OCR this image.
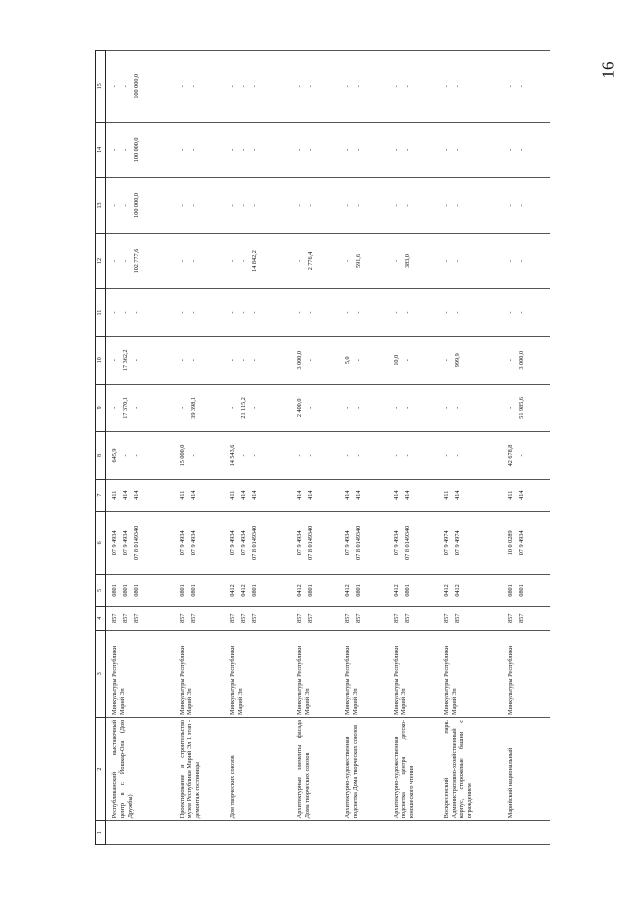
16
1	2	3	4	5	6	7	8	9	10	11	12	13	14	15
	Республиканский выставочный центр в г. Йошкар-Ола (Дом Дружбы)	Минкультуры Республики Марий Эл	857 857 857	0801 0801 0801	07 9 4934 07 9 4934 07 8 0149340	411 414 414	645,9 - -	- 17 370,1 -	- 17 362,2 -	- - -	- - 102 777,6	- - 100 000,0	- - 100 000,0	- - 100 000,0

	Проектирование и строительство музея Республики Марий Эл 1 этап - демонтаж гостиницы	Минкультуры Республики Марий Эл	857 857	0801 0801	07 9 4934 07 9 4934	411 414	15 000,0 -	- 39 398,1	- -	- -	- -	- -	- -	- -

	Дом творческих союзов	Минкультуры Республики Марий Эл	857 857 857	0412 0412 0801	07 9 4934 07 9 4934 07 8 0149340	411 414 414	14 543,6 - -	- 21 115,2 -	- - -	- - -	- - 14 842,2	- - -	- - -	- - -

	Архитектурные элементы фасада Дома творческих союзов	Минкультуры Республики Марий Эл	857 857	0412 0801	07 9 4934 07 8 0149340	414 414	- -	2 400,0 -	3 000,0 -	- -	- 2 776,4	- -	- -	- -

	Архитектурно-художественная подсветка Дома творческих союзов	Минкультуры Республики Марий Эл	857 857	0412 0801	07 9 4934 07 8 0149340	414 414	- -	- -	5,0 -	- -	- 591,6	- -	- -	- -

	Архитектурно-художественная подсветка центра детско-юношеского чтения	Минкультуры Республики Марий Эл	857 857	0412 0801	07 9 4934 07 8 0149340	414 414	- -	- -	10,0 -	- -	- 383,0	- -	- -	- -

	Воскресенский парк. Административно-хозяйственный корпус, сторожевые башни с ограждением	Минкультуры Республики Марий Эл	857 857	0412 0412	07 9 4974 07 9 4974	411 414	- -	- -	- 999,9	- -	- -	- -	- -	- -

	Марийский национальный	Минкультуры Республики	857 857	0801 0801	10 0 0289 07 9 4934	411 414	42 678,8 -	- 51 985,6	- 3 000,0	- -	- -	- -	- -	- -
